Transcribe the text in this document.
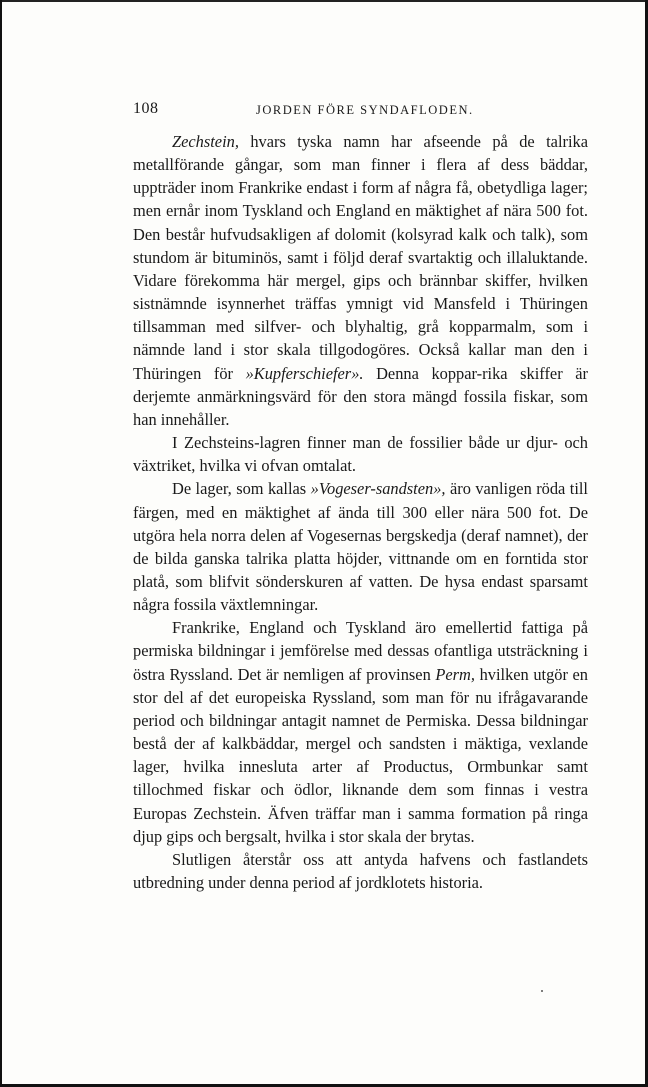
108	JORDEN FÖRE SYNDAFLODEN.

Zechstein, hvars tyska namn har afseende på de talrika metallförande gångar, som man finner i flera af dess bäddar, uppträder inom Frankrike endast i form af några få, obetydliga lager; men ernår inom Tyskland och England en mäktighet af nära 500 fot. Den består hufvudsakligen af dolomit (kolsyrad kalk och talk), som stundom är bituminös, samt i följd deraf svartaktig och illaluktande. Vidare förekomma här mergel, gips och brännbar skiffer, hvilken sistnämnde isynnerhet träffas ymnigt vid Mansfeld i Thüringen tillsamman med silfver- och blyhaltig, grå kopparmalm, som i nämnde land i stor skala tillgodogöres. Också kallar man den i Thüringen för »Kupferschiefer». Denna koppar-rika skiffer är derjemte anmärkningsvärd för den stora mängd fossila fiskar, som han innehåller.

I Zechsteins-lagren finner man de fossilier både ur djur- och växtriket, hvilka vi ofvan omtalat.

De lager, som kallas »Vogeser-sandsten», äro vanligen röda till färgen, med en mäktighet af ända till 300 eller nära 500 fot. De utgöra hela norra delen af Vogesernas bergskedja (deraf namnet), der de bilda ganska talrika platta höjder, vittnande om en forntida stor platå, som blifvit sönderskuren af vatten. De hysa endast sparsamt några fossila växtlemningar.

Frankrike, England och Tyskland äro emellertid fattiga på permiska bildningar i jemförelse med dessas ofantliga utsträckning i östra Ryssland. Det är nemligen af provinsen Perm, hvilken utgör en stor del af det europeiska Ryssland, som man för nu ifrågavarande period och bildningar antagit namnet de Permiska. Dessa bildningar bestå der af kalkbäddar, mergel och sandsten i mäktiga, vexlande lager, hvilka innesluta arter af Productus, Ormbunkar samt tillochmed fiskar och ödlor, liknande dem som finnas i vestra Europas Zechstein. Äfven träffar man i samma formation på ringa djup gips och bergsalt, hvilka i stor skala der brytas.

Slutligen återstår oss att antyda hafvens och fastlandets utbredning under denna period af jordklotets historia.
